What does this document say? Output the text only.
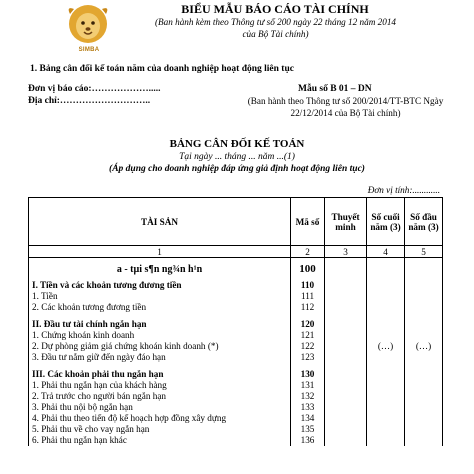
SIMBA
BIỂU MẪU BÁO CÁO TÀI CHÍNH
(Ban hành kèm theo Thông tư số 200 ngày 22 tháng 12 năm 2014 của Bộ Tài chính)
1. Bảng cân đối kế toán năm của doanh nghiệp hoạt động liên tục
Đơn vị báo cáo:……………….....
Địa chỉ:………………………..
Mẫu số B 01 – DN
(Ban hành theo Thông tư số 200/2014/TT-BTC Ngày 22/12/2014 của Bộ Tài chính)
BẢNG CÂN ĐỐI KẾ TOÁN
Tại ngày ... tháng ... năm ...(1)
(Áp dụng cho doanh nghiệp đáp ứng giả định hoạt động liên tục)
Đơn vị tính:............
TÀI SẢN	Mã số	Thuyết minh	Số cuối năm (3)	Số đầu năm (3)
1	2	3	4	5
a - tµi s¶n ng¾n h¹n	100			
I. Tiền và các khoản tương đương tiền	110			
1. Tiền	111			
2. Các khoản tương đương tiền	112			

II. Đầu tư tài chính ngắn hạn	120			
1. Chứng khoán kinh doanh	121			
2. Dự phòng giảm giá chứng khoán kinh doanh (*)	122		(…)	(…)
3. Đầu tư nắm giữ đến ngày đáo hạn	123			

III. Các khoản phải thu ngắn hạn	130			
1. Phải thu ngắn hạn của khách hàng	131			
2. Trả trước cho người bán ngắn hạn	132			
3. Phải thu nội bộ ngắn hạn	133			
4. Phải thu theo tiến độ kế hoạch hợp đồng xây dựng	134			
5. Phải thu về cho vay ngắn hạn	135			
6. Phải thu ngắn hạn khác	136			
